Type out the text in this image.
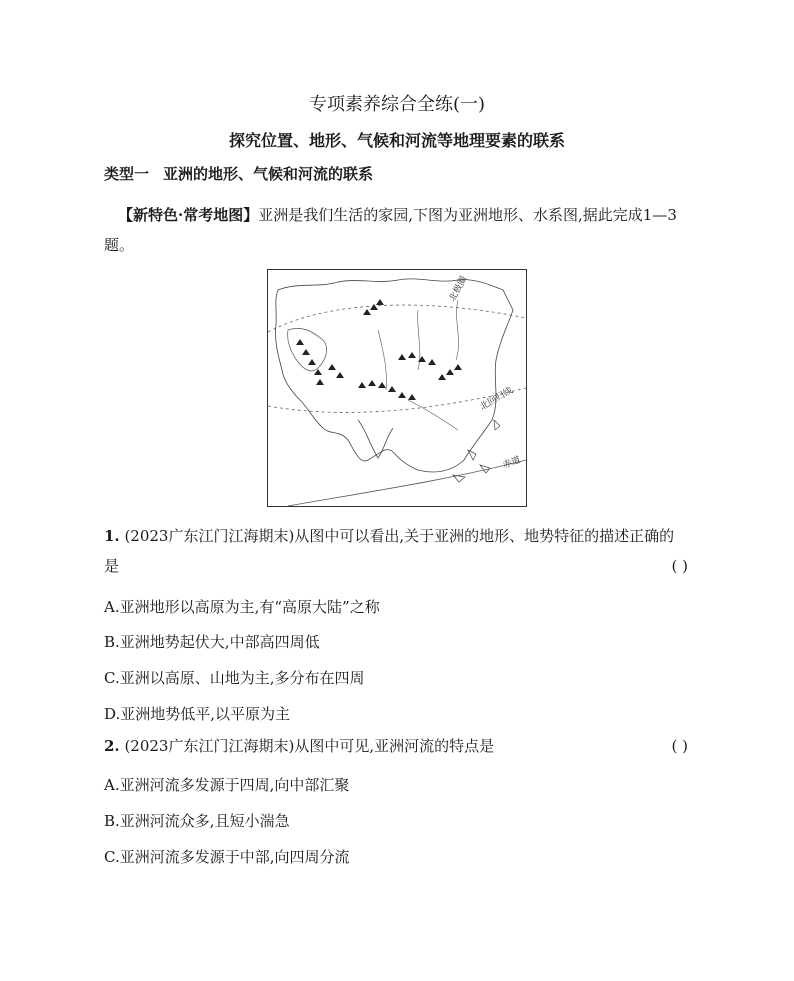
专项素养综合全练(一)
探究位置、地形、气候和河流等地理要素的联系
类型一 亚洲的地形、气候和河流的联系
【新特色·常考地图】亚洲是我们生活的家园,下图为亚洲地形、水系图,据此完成1—3题。
北极圈
北回归线
赤道
1. (2023广东江门江海期末)从图中可以看出,关于亚洲的地形、地势特征的描述正确的是	( )
A.亚洲地形以高原为主,有“高原大陆”之称
B.亚洲地势起伏大,中部高四周低
C.亚洲以高原、山地为主,多分布在四周
D.亚洲地势低平,以平原为主
2. (2023广东江门江海期末)从图中可见,亚洲河流的特点是	( )
A.亚洲河流多发源于四周,向中部汇聚
B.亚洲河流众多,且短小湍急
C.亚洲河流多发源于中部,向四周分流
